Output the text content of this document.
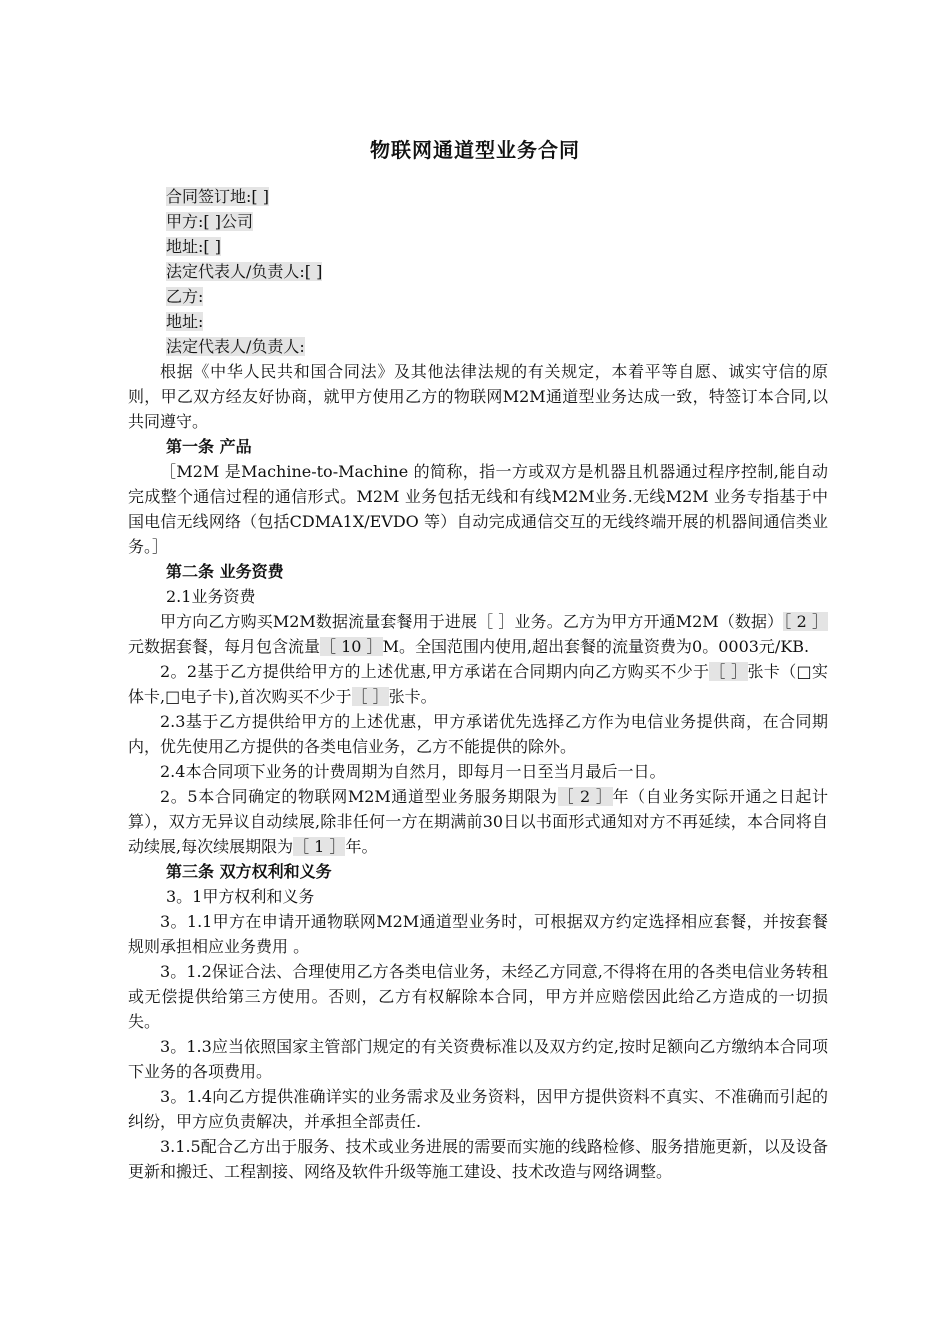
物联网通道型业务合同
合同签订地:[ ]
甲方:[ ]公司
地址:[ ]
法定代表人/负责人:[ ]
乙方:
地址:
法定代表人/负责人:
根据《中华人民共和国合同法》及其他法律法规的有关规定，本着平等自愿、诚实守信的原则，甲乙双方经友好协商，就甲方使用乙方的物联网M2M通道型业务达成一致，特签订本合同,以共同遵守。
第一条 产品
［M2M 是Machine-to-Machine 的简称，指一方或双方是机器且机器通过程序控制,能自动完成整个通信过程的通信形式。M2M 业务包括无线和有线M2M业务.无线M2M 业务专指基于中国电信无线网络（包括CDMA1X/EVDO 等）自动完成通信交互的无线终端开展的机器间通信类业务。］
第二条 业务资费
2.1业务资费
甲方向乙方购买M2M数据流量套餐用于进展［ ］业务。乙方为甲方开通M2M（数据）［ 2 ］元数据套餐，每月包含流量［ 10 ］M。全国范围内使用,超出套餐的流量资费为0。0003元/KB.
2。2基于乙方提供给甲方的上述优惠,甲方承诺在合同期内向乙方购买不少于［ ］张卡（□实体卡,□电子卡),首次购买不少于［ ］张卡。
2.3基于乙方提供给甲方的上述优惠，甲方承诺优先选择乙方作为电信业务提供商，在合同期内，优先使用乙方提供的各类电信业务，乙方不能提供的除外。
2.4本合同项下业务的计费周期为自然月，即每月一日至当月最后一日。
2。5本合同确定的物联网M2M通道型业务服务期限为［ 2 ］年（自业务实际开通之日起计算），双方无异议自动续展,除非任何一方在期满前30日以书面形式通知对方不再延续，本合同将自动续展,每次续展期限为［ 1 ］年。
第三条 双方权利和义务
3。1甲方权利和义务
3。1.1甲方在申请开通物联网M2M通道型业务时，可根据双方约定选择相应套餐，并按套餐规则承担相应业务费用 。
3。1.2保证合法、合理使用乙方各类电信业务，未经乙方同意,不得将在用的各类电信业务转租或无偿提供给第三方使用。否则，乙方有权解除本合同，甲方并应赔偿因此给乙方造成的一切损失。
3。1.3应当依照国家主管部门规定的有关资费标准以及双方约定,按时足额向乙方缴纳本合同项下业务的各项费用。
3。1.4向乙方提供准确详实的业务需求及业务资料，因甲方提供资料不真实、不准确而引起的纠纷，甲方应负责解决，并承担全部责任.
3.1.5配合乙方出于服务、技术或业务进展的需要而实施的线路检修、服务措施更新，以及设备更新和搬迁、工程割接、网络及软件升级等施工建设、技术改造与网络调整。
